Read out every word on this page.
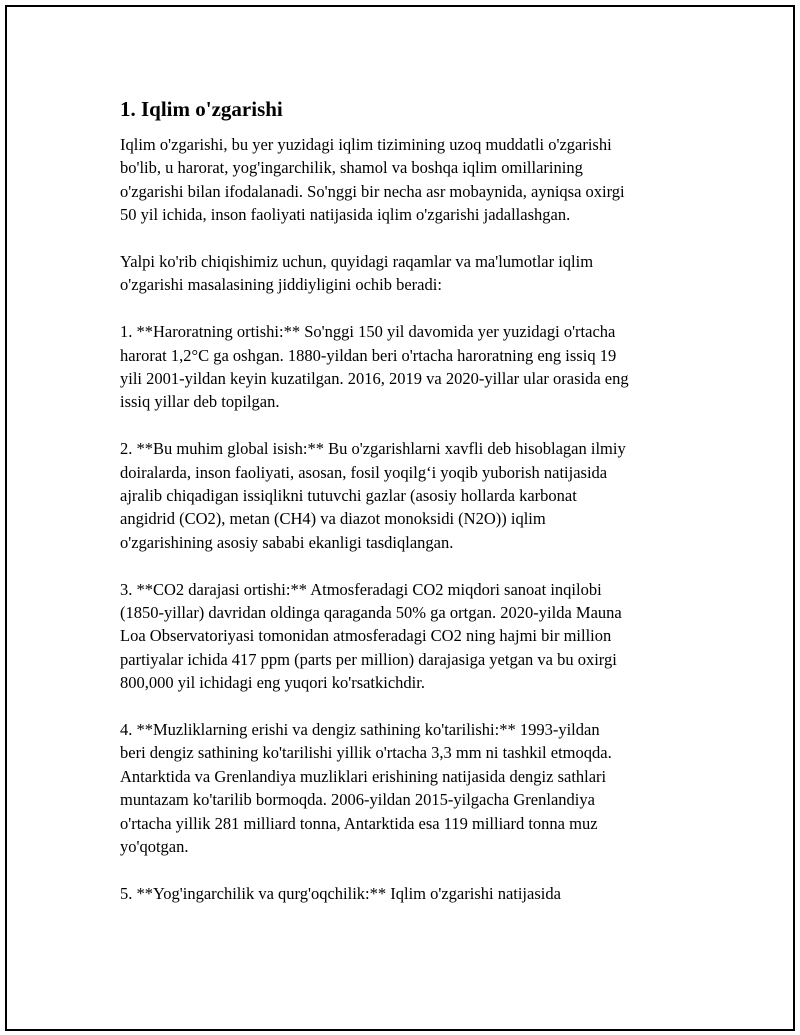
1. Iqlim o'zgarishi

Iqlim o'zgarishi, bu yer yuzidagi iqlim tizimining uzoq muddatli o'zgarishi
bo'lib, u harorat, yog'ingarchilik, shamol va boshqa iqlim omillarining
o'zgarishi bilan ifodalanadi. So'nggi bir necha asr mobaynida, ayniqsa oxirgi
50 yil ichida, inson faoliyati natijasida iqlim o'zgarishi jadallashgan.

Yalpi ko'rib chiqishimiz uchun, quyidagi raqamlar va ma'lumotlar iqlim
o'zgarishi masalasining jiddiyligini ochib beradi:

1. **Haroratning ortishi:** So'nggi 150 yil davomida yer yuzidagi o'rtacha
harorat 1,2°C ga oshgan. 1880-yildan beri o'rtacha haroratning eng issiq 19
yili 2001-yildan keyin kuzatilgan. 2016, 2019 va 2020-yillar ular orasida eng
issiq yillar deb topilgan.

2. **Bu muhim global isish:** Bu o'zgarishlarni xavfli deb hisoblagan ilmiy
doiralarda, inson faoliyati, asosan, fosil yoqilg‘i yoqib yuborish natijasida
ajralib chiqadigan issiqlikni tutuvchi gazlar (asosiy hollarda karbonat
angidrid (CO2), metan (CH4) va diazot monoksidi (N2O)) iqlim
o'zgarishining asosiy sababi ekanligi tasdiqlangan.

3. **CO2 darajasi ortishi:** Atmosferadagi CO2 miqdori sanoat inqilobi
(1850-yillar) davridan oldinga qaraganda 50% ga ortgan. 2020-yilda Mauna
Loa Observatoriyasi tomonidan atmosferadagi CO2 ning hajmi bir million
partiyalar ichida 417 ppm (parts per million) darajasiga yetgan va bu oxirgi
800,000 yil ichidagi eng yuqori ko'rsatkichdir.

4. **Muzliklarning erishi va dengiz sathining ko'tarilishi:** 1993-yildan
beri dengiz sathining ko'tarilishi yillik o'rtacha 3,3 mm ni tashkil etmoqda.
Antarktida va Grenlandiya muzliklari erishining natijasida dengiz sathlari
muntazam ko'tarilib bormoqda. 2006-yildan 2015-yilgacha Grenlandiya
o'rtacha yillik 281 milliard tonna, Antarktida esa 119 milliard tonna muz
yo'qotgan.

5. **Yog'ingarchilik va qurg'oqchilik:** Iqlim o'zgarishi natijasida
